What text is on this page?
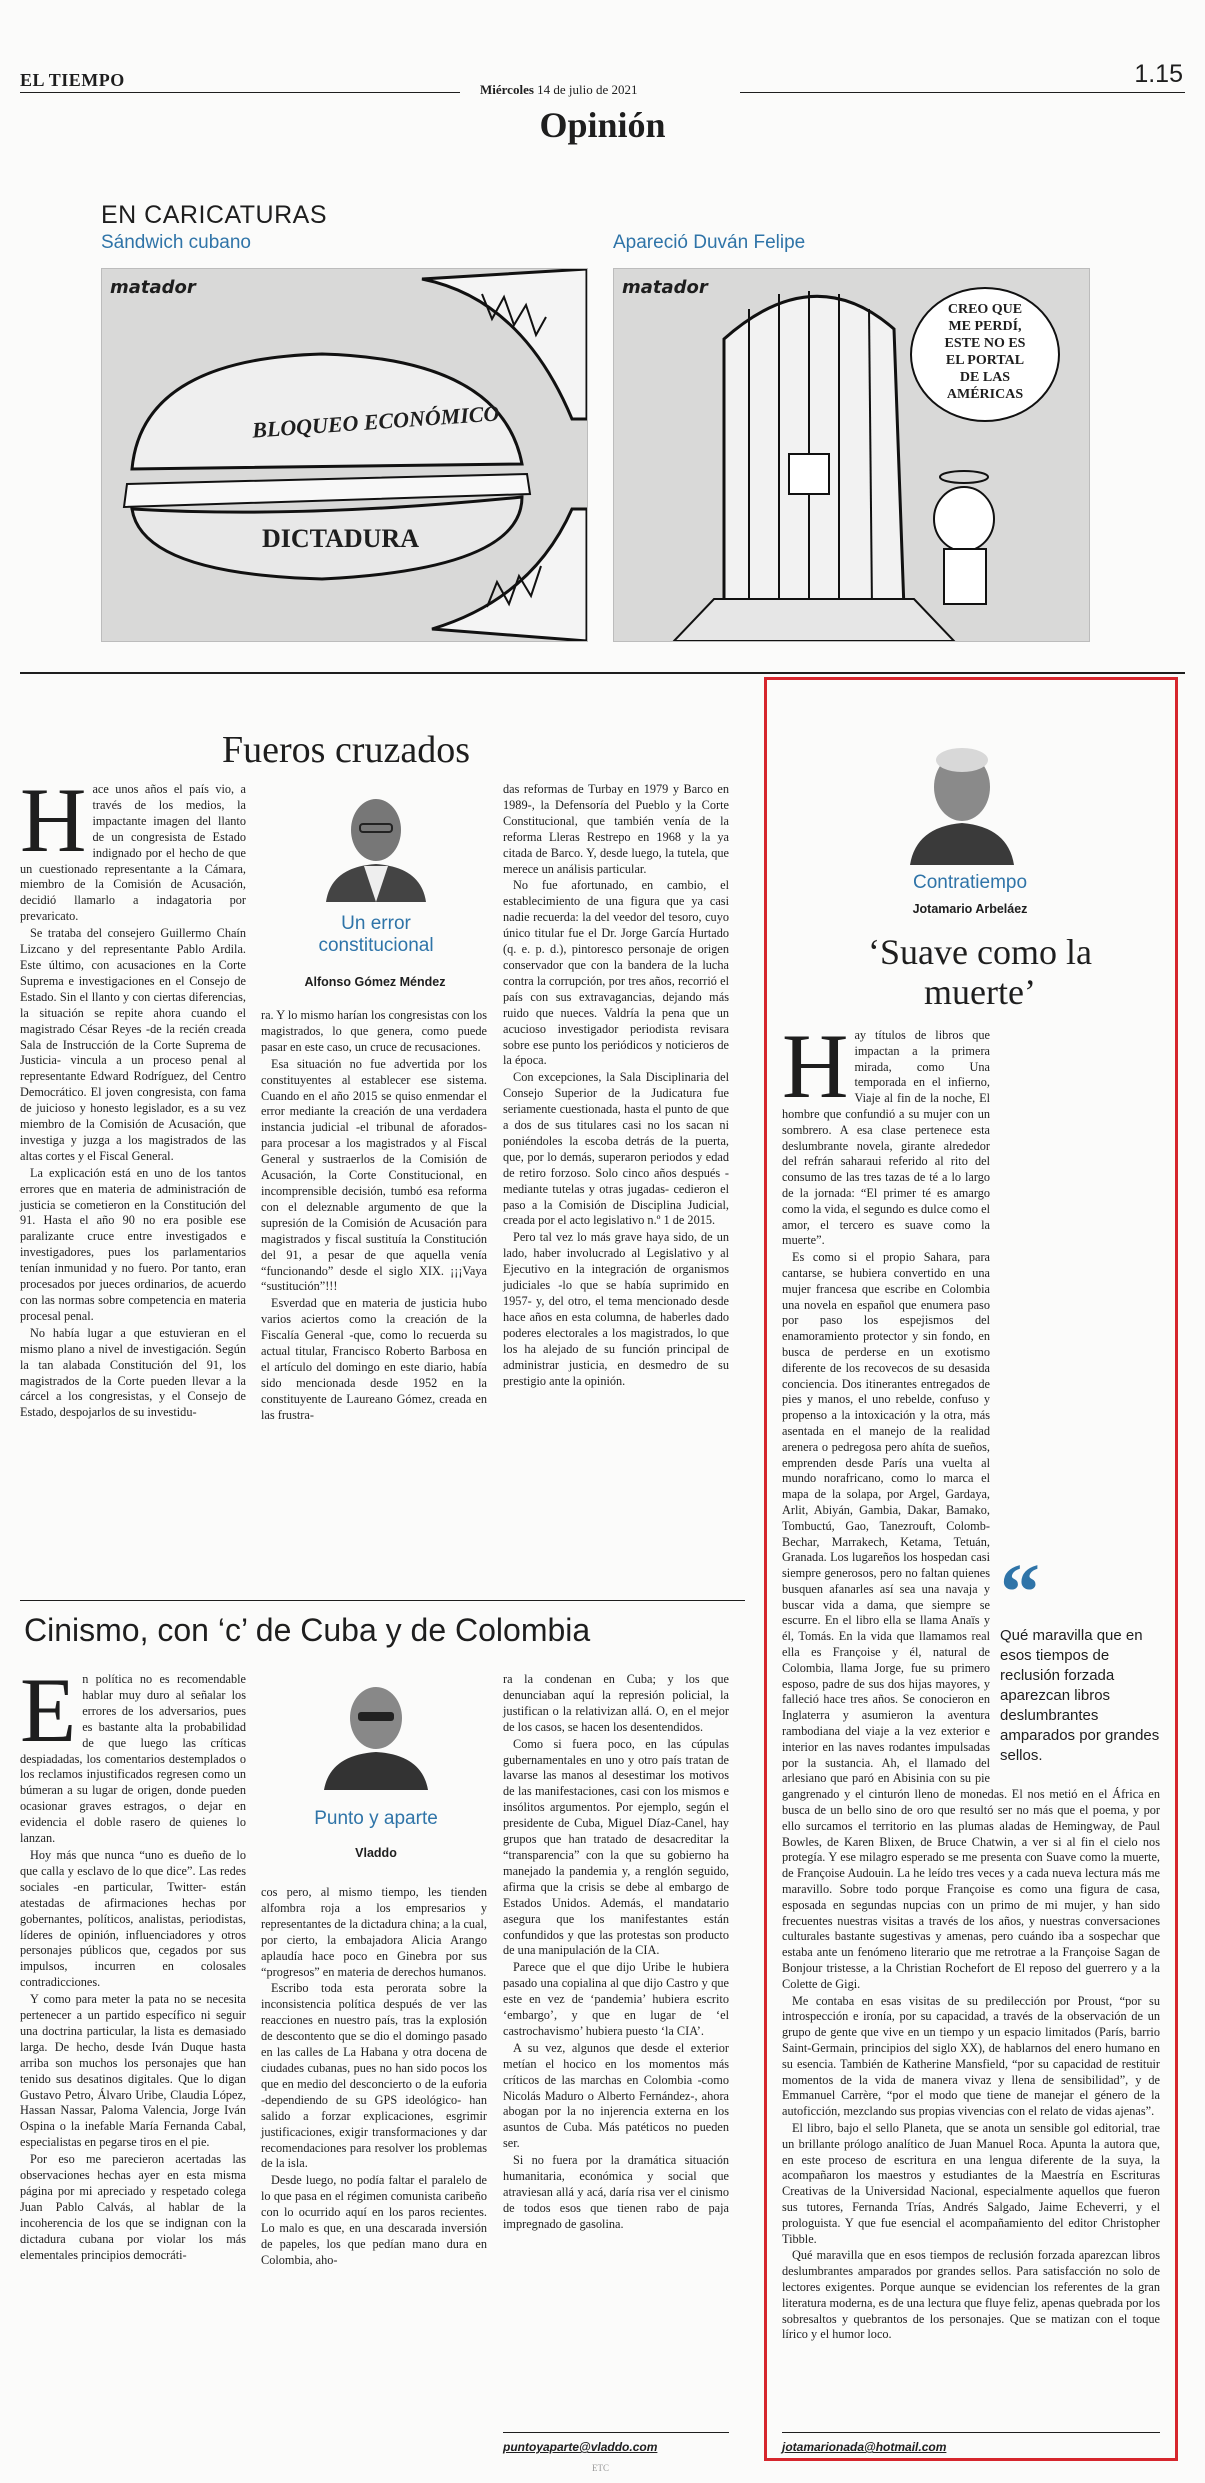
EL TIEMPO	Miércoles 14 de julio de 2021
1.15
Opinión
EN CARICATURAS
Sándwich cubano	Apareció Duván Felipe
matador
BLOQUEO ECONÓMICO
DICTADURA
matador
CREO QUE
ME PERDÍ,
ESTE NO ES
EL PORTAL
DE LAS
AMÉRICAS
Fueros cruzados
H ace unos años el país vio, a través de los medios, la impactante imagen del llanto de un congresista de Estado indignado por el hecho de que un cuestionado representante a la Cámara, miembro de la Comisión de Acusación, decidió llamarlo a indagatoria por prevaricato.

Se trataba del consejero Guillermo Chaín Lizcano y del representante Pablo Ardila. Este último, con acusaciones en la Corte Suprema e investigaciones en el Consejo de Estado. Sin el llanto y con ciertas diferencias, la situación se repite ahora cuando el magistrado César Reyes -de la recién creada Sala de Instrucción de la Corte Suprema de Justicia- vincula a un proceso penal al representante Edward Rodríguez, del Centro Democrático. El joven congresista, con fama de juicioso y honesto legislador, es a su vez miembro de la Comisión de Acusación, que investiga y juzga a los magistrados de las altas cortes y el Fiscal General.

La explicación está en uno de los tantos errores que en materia de administración de justicia se cometieron en la Constitución del 91. Hasta el año 90 no era posible ese paralizante cruce entre investigados e investigadores, pues los parlamentarios tenían inmunidad y no fuero. Por tanto, eran procesados por jueces ordinarios, de acuerdo con las normas sobre competencia en materia procesal penal.

No había lugar a que estuvieran en el mismo plano a nivel de investigación. Según la tan alabada Constitución del 91, los magistrados de la Corte pueden llevar a la cárcel a los congresistas, y el Consejo de Estado, despojarlos de su investidu-

Un error constitucional
Alfonso Gómez Méndez

ra. Y lo mismo harían los congresistas con los magistrados, lo que genera, como puede pasar en este caso, un cruce de recusaciones.

Esa situación no fue advertida por los constituyentes al establecer ese sistema. Cuando en el año 2015 se quiso enmendar el error mediante la creación de una verdadera instancia judicial -el tribunal de aforados- para procesar a los magistrados y al Fiscal General y sustraerlos de la Comisión de Acusación, la Corte Constitucional, en incomprensible decisión, tumbó esa reforma con el deleznable argumento de que la supresión de la Comisión de Acusación para magistrados y fiscal sustituía la Constitución del 91, a pesar de que aquella venía “funcionando” desde el siglo XIX. ¡¡¡Vaya “sustitución”!!!

Esverdad que en materia de justicia hubo varios aciertos como la creación de la Fiscalía General -que, como lo recuerda su actual titular, Francisco Roberto Barbosa en el artículo del domingo en este diario, había sido mencionada desde 1952 en la constituyente de Laureano Gómez, creada en las frustra-

das reformas de Turbay en 1979 y Barco en 1989-, la Defensoría del Pueblo y la Corte Constitucional, que también venía de la reforma Lleras Restrepo en 1968 y la ya citada de Barco. Y, desde luego, la tutela, que merece un análisis particular.

No fue afortunado, en cambio, el establecimiento de una figura que ya casi nadie recuerda: la del veedor del tesoro, cuyo único titular fue el Dr. Jorge García Hurtado (q. e. p. d.), pintoresco personaje de origen conservador que con la bandera de la lucha contra la corrupción, por tres años, recorrió el país con sus extravagancias, dejando más ruido que nueces. Valdría la pena que un acucioso investigador periodista revisara sobre ese punto los periódicos y noticieros de la época.

Con excepciones, la Sala Disciplinaria del Consejo Superior de la Judicatura fue seriamente cuestionada, hasta el punto de que a dos de sus titulares casi no los sacan ni poniéndoles la escoba detrás de la puerta, que, por lo demás, superaron periodos y edad de retiro forzoso. Solo cinco años después -mediante tutelas y otras jugadas- cedieron el paso a la Comisión de Disciplina Judicial, creada por el acto legislativo n.º 1 de 2015.

Pero tal vez lo más grave haya sido, de un lado, haber involucrado al Legislativo y al Ejecutivo en la integración de organismos judiciales -lo que se había suprimido en 1957- y, del otro, el tema mencionado desde hace años en esta columna, de haberles dado poderes electorales a los magistrados, lo que los ha alejado de su función principal de administrar justicia, en desmedro de su prestigio ante la opinión.

Cinismo, con ‘c’ de Cuba y de Colombia
E n política no es recomendable hablar muy duro al señalar los errores de los adversarios, pues es bastante alta la probabilidad de que luego las críticas despiadadas, los comentarios destemplados o los reclamos injustificados regresen como un búmeran a su lugar de origen, donde pueden ocasionar graves estragos, o dejar en evidencia el doble rasero de quienes lo lanzan.

Hoy más que nunca “uno es dueño de lo que calla y esclavo de lo que dice”. Las redes sociales -en particular, Twitter- están atestadas de afirmaciones hechas por gobernantes, políticos, analistas, periodistas, líderes de opinión, influenciadores y otros personajes públicos que, cegados por sus impulsos, incurren en colosales contradicciones.

Y como para meter la pata no se necesita pertenecer a un partido específico ni seguir una doctrina particular, la lista es demasiado larga. De hecho, desde Iván Duque hasta arriba son muchos los personajes que han tenido sus desatinos digitales. Que lo digan Gustavo Petro, Álvaro Uribe, Claudia López, Hassan Nassar, Paloma Valencia, Jorge Iván Ospina o la inefable María Fernanda Cabal, especialistas en pegarse tiros en el pie.

Por eso me parecieron acertadas las observaciones hechas ayer en esta misma página por mi apreciado y respetado colega Juan Pablo Calvás, al hablar de la incoherencia de los que se indignan con la dictadura cubana por violar los más elementales principios democráti-

Punto y aparte
Vladdo

cos pero, al mismo tiempo, les tienden alfombra roja a los empresarios y representantes de la dictadura china; a la cual, por cierto, la embajadora Alicia Arango aplaudía hace poco en Ginebra por sus “progresos” en materia de derechos humanos.

Escribo toda esta perorata sobre la inconsistencia política después de ver las reacciones en nuestro país, tras la explosión de descontento que se dio el domingo pasado en las calles de La Habana y otra docena de ciudades cubanas, pues no han sido pocos los que en medio del desconcierto o de la euforia -dependiendo de su GPS ideológico- han salido a forzar explicaciones, esgrimir justificaciones, exigir transformaciones y dar recomendaciones para resolver los problemas de la isla.

Desde luego, no podía faltar el paralelo de lo que pasa en el régimen comunista caribeño con lo ocurrido aquí en los paros recientes. Lo malo es que, en una descarada inversión de papeles, los que pedían mano dura en Colombia, aho-

ra la condenan en Cuba; y los que denunciaban aquí la represión policial, la justifican o la relativizan allá. O, en el mejor de los casos, se hacen los desentendidos.

Como si fuera poco, en las cúpulas gubernamentales en uno y otro país tratan de lavarse las manos al desestimar los motivos de las manifestaciones, casi con los mismos e insólitos argumentos. Por ejemplo, según el presidente de Cuba, Miguel Díaz-Canel, hay grupos que han tratado de desacreditar la “transparencia” con la que su gobierno ha manejado la pandemia y, a renglón seguido, afirma que la crisis se debe al embargo de Estados Unidos. Además, el mandatario asegura que los manifestantes están confundidos y que las protestas son producto de una manipulación de la CIA.

Parece que el que dijo Uribe le hubiera pasado una copialina al que dijo Castro y que este en vez de ‘pandemia’ hubiera escrito ‘embargo’, y que en lugar de ‘el castrochavismo’ hubiera puesto ‘la CIA’.

A su vez, algunos que desde el exterior metían el hocico en los momentos más críticos de las marchas en Colombia -como Nicolás Maduro o Alberto Fernández-, ahora abogan por la no injerencia externa en los asuntos de Cuba. Más patéticos no pueden ser.

Si no fuera por la dramática situación humanitaria, económica y social que atraviesan allá y acá, daría risa ver el cinismo de todos esos que tienen rabo de paja impregnado de gasolina.

puntoyaparte@vladdo.com
ETC
Contratiempo
Jotamario Arbeláez
‘Suave como la muerte’
H
“
Qué maravilla que en esos tiempos de reclusión forzada aparezcan libros deslumbrantes amparados por grandes sellos.

ay títulos de libros que impactan a la primera mirada, como Una temporada en el infierno, Viaje al fin de la noche, El hombre que confundió a su mujer con un sombrero. A esa clase pertenece esta deslumbrante novela, girante alrededor del refrán saharaui referido al rito del consumo de las tres tazas de té a lo largo de la jornada: “El primer té es amargo como la vida, el segundo es dulce como el amor, el tercero es suave como la muerte”.

Es como si el propio Sahara, para cantarse, se hubiera convertido en una mujer francesa que escribe en Colombia una novela en español que enumera paso por paso los espejismos del enamoramiento protector y sin fondo, en busca de perderse en un exotismo diferente de los recovecos de su desasida conciencia. Dos itinerantes entregados de pies y manos, el uno rebelde, confuso y propenso a la intoxicación y la otra, más asentada en el manejo de la realidad arenera o pedregosa pero ahíta de sueños, emprenden desde París una vuelta al mundo norafricano, como lo marca el mapa de la solapa, por Argel, Gardaya, Arlit, Abiyán, Gambia, Dakar, Bamako, Tombuctú, Gao, Tanezrouft, Colomb-Bechar, Marrakech, Ketama, Tetuán, Granada. Los lugareños los hospedan casi siempre generosos, pero no faltan quienes busquen afanarles así sea una navaja y buscar vida a dama, que siempre se escurre. En el libro ella se llama Anaïs y él, Tomás. En la vida que llamamos real ella es Françoise y él, natural de Colombia, llama Jorge, fue su primero esposo, padre de sus dos hijas mayores, y falleció hace tres años. Se conocieron en Inglaterra y asumieron la aventura rambodiana del viaje a la vez exterior e interior en las naves rodantes impulsadas por la sustancia. Ah, el llamado del arlesiano que paró en Abisinia con su pie gangrenado y el cinturón lleno de monedas. El nos metió en el África en busca de un bello sino de oro que resultó ser no más que el poema, y por ello surcamos el territorio en las plumas aladas de Hemingway, de Paul Bowles, de Karen Blixen, de Bruce Chatwin, a ver si al fin el cielo nos protegía. Y ese milagro esperado se me presenta con Suave como la muerte, de Françoise Audouin. La he leído tres veces y a cada nueva lectura más me maravillo. Sobre todo porque Françoise es como una figura de casa, esposada en segundas nupcias con un primo de mi mujer, y han sido frecuentes nuestras visitas a través de los años, y nuestras conversaciones culturales bastante sugestivas y amenas, pero cuándo iba a sospechar que estaba ante un fenómeno literario que me retrotrae a la Françoise Sagan de Bonjour tristesse, a la Christian Rochefort de El reposo del guerrero y a la Colette de Gigi.

Me contaba en esas visitas de su predilección por Proust, “por su introspección e ironía, por su capacidad, a través de la observación de un grupo de gente que vive en un tiempo y un espacio limitados (París, barrio Saint-Germain, principios del siglo XX), de hablarnos del enero humano en su esencia. También de Katherine Mansfield, “por su capacidad de restituir momentos de la vida de manera vivaz y llena de sensibilidad”, y de Emmanuel Carrère, “por el modo que tiene de manejar el género de la autoficción, mezclando sus propias vivencias con el relato de vidas ajenas”.

El libro, bajo el sello Planeta, que se anota un sensible gol editorial, trae un brillante prólogo analítico de Juan Manuel Roca. Apunta la autora que, en este proceso de escritura en una lengua diferente de la suya, la acompañaron los maestros y estudiantes de la Maestría en Escrituras Creativas de la Universidad Nacional, especialmente aquellos que fueron sus tutores, Fernanda Trías, Andrés Salgado, Jaime Echeverri, y el prologuista. Y que fue esencial el acompañamiento del editor Christopher Tibble.

Qué maravilla que en esos tiempos de reclusión forzada aparezcan libros deslumbrantes amparados por grandes sellos. Para satisfacción no solo de lectores exigentes. Porque aunque se evidencian los referentes de la gran literatura moderna, es de una lectura que fluye feliz, apenas quebrada por los sobresaltos y quebrantos de los personajes. Que se matizan con el toque lírico y el humor loco.

jotamarionada@hotmail.com
